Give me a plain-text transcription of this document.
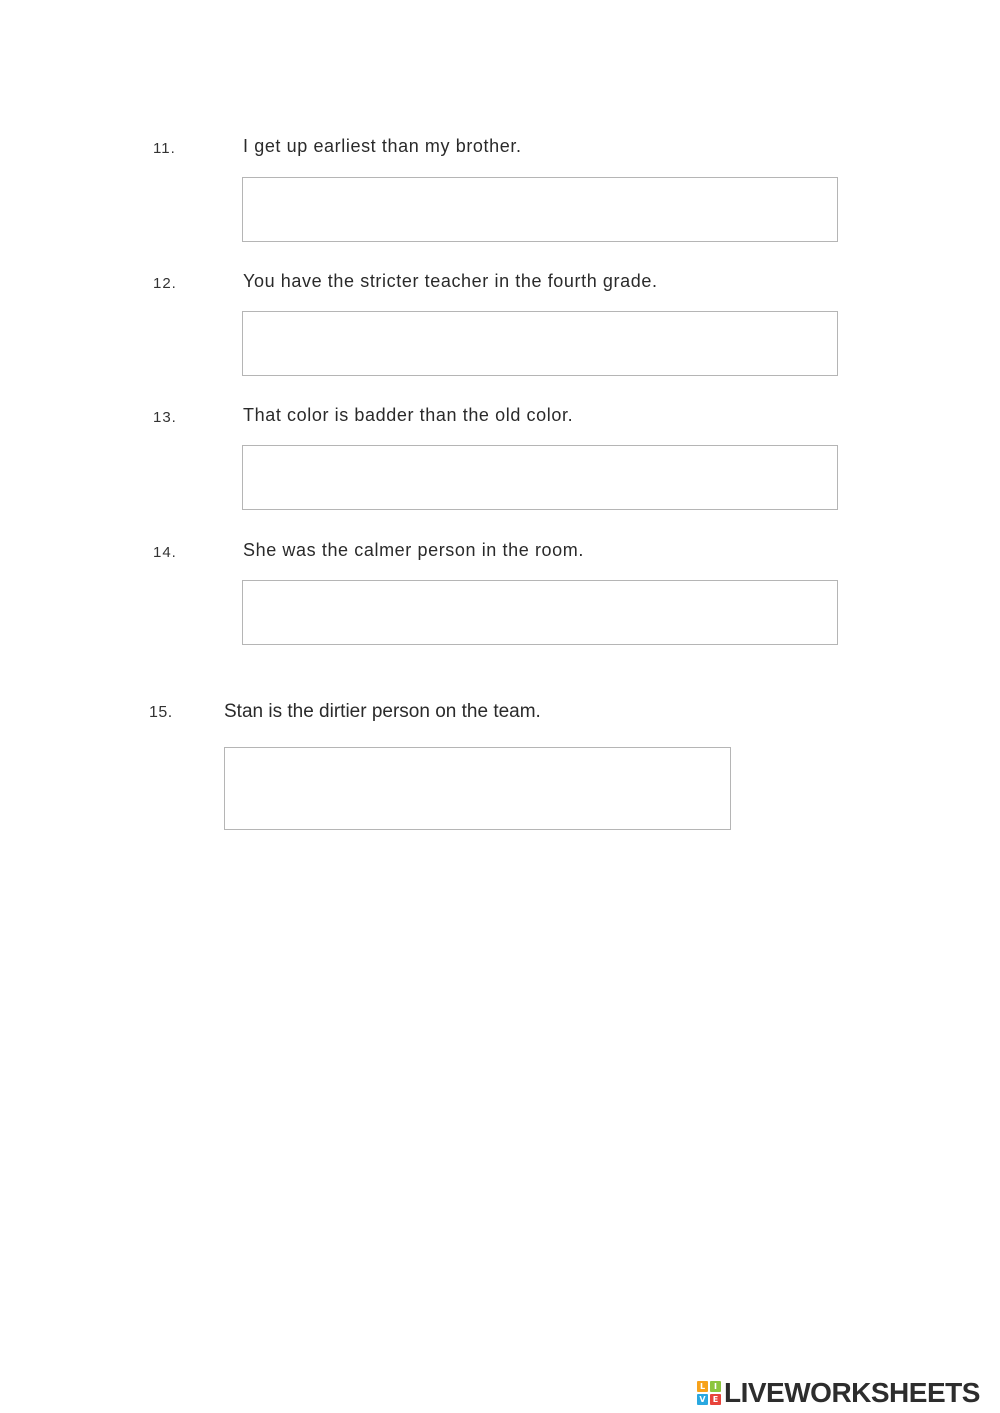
11.	I get up earliest than my brother.
12.	You have the stricter teacher in the fourth grade.
13.	That color is badder than the old color.
14.	She was the calmer person in the room.
15.	Stan is the dirtier person on the team.
L	I
V E LIVEWORKSHEETS
